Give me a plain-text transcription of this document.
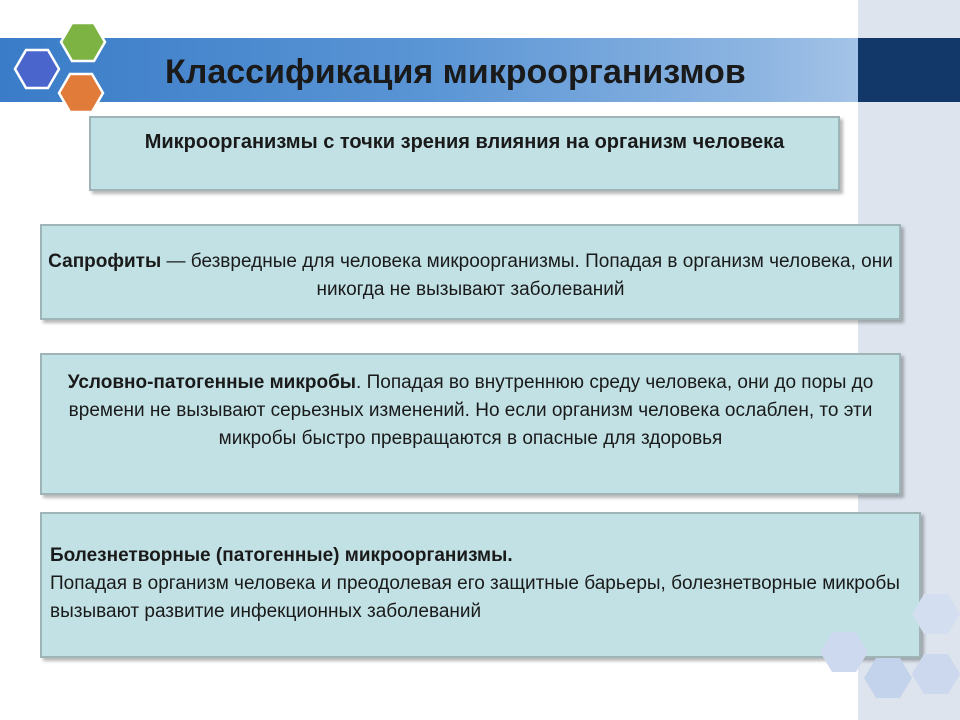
Классификация микроорганизмов
Микроорганизмы с точки зрения влияния на организм человека
Сапрофиты — безвредные для человека микроорганизмы. Попадая в организм человека, они никогда не вызывают заболеваний
Условно-патогенные микробы. Попадая во внутреннюю среду человека, они до поры до времени не вызывают серьезных изменений. Но если организм человека ослаблен, то эти микробы быстро превращаются в опасные для здоровья
Болезнетворные (патогенные) микроорганизмы.
Попадая в организм человека и преодолевая его защитные барьеры, болезнетворные микробы вызывают развитие инфекционных заболеваний
